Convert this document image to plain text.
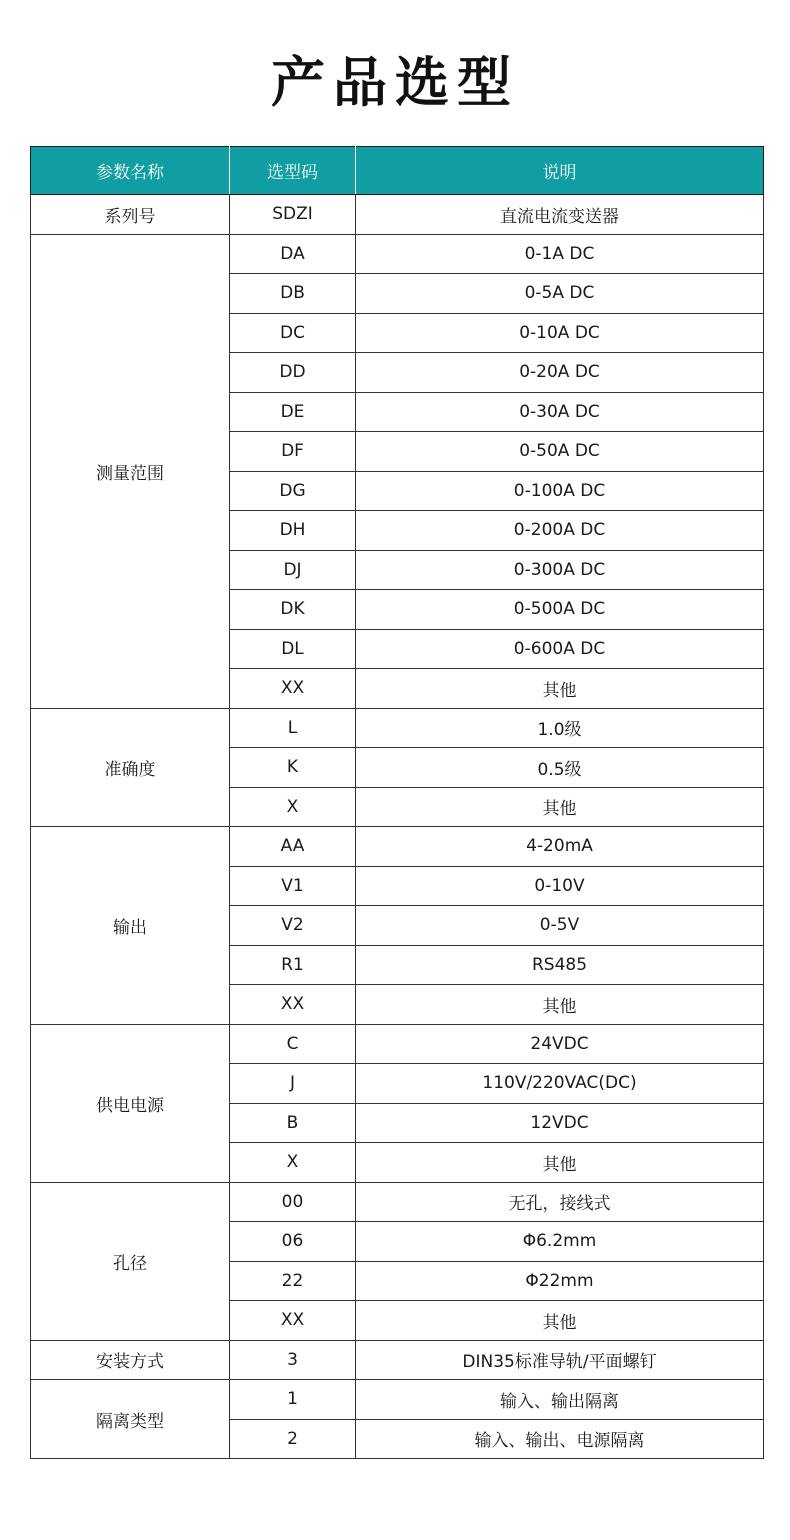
产品选型
参数名称	选型码	说明
系列号	SDZI	直流电流变送器
测量范围	DA	0-1A DC
	DB	0-5A DC
	DC	0-10A DC
	DD	0-20A DC
	DE	0-30A DC
	DF	0-50A DC
	DG	0-100A DC
	DH	0-200A DC
	DJ	0-300A DC
	DK	0-500A DC
	DL	0-600A DC
	XX	其他
准确度	L	1.0级
	K	0.5级
	X	其他
输出	AA	4-20mA
	V1	0-10V
	V2	0-5V
	R1	RS485
	XX	其他
供电电源	C	24VDC
	J	110V/220VAC(DC)
	B	12VDC
	X	其他
孔径	00	无孔，接线式
	06	Φ6.2mm
	22	Φ22mm
	XX	其他
安装方式	3	DIN35标准导轨/平面螺钉
隔离类型	1	输入、输出隔离
	2	输入、输出、电源隔离
